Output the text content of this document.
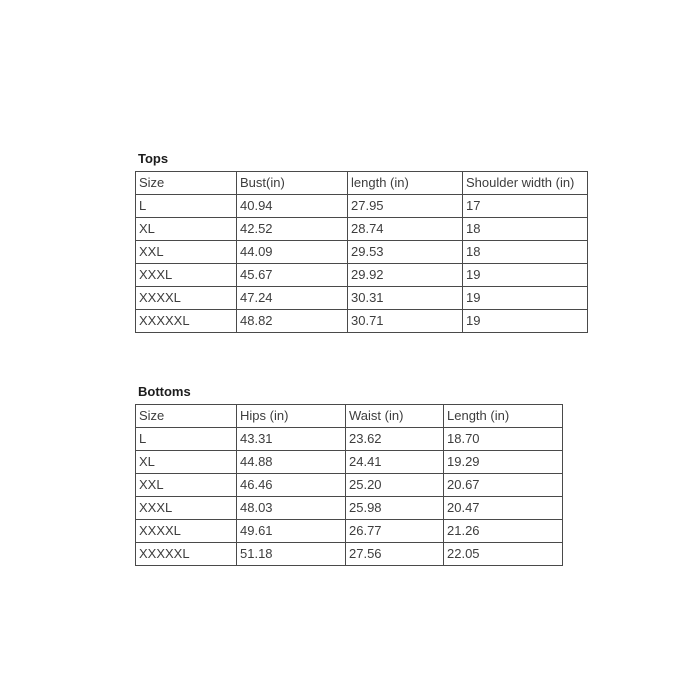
Tops
Size	Bust(in)	length (in)	Shoulder width (in)
L	40.94	27.95	17
XL	42.52	28.74	18
XXL	44.09	29.53	18
XXXL	45.67	29.92	19
XXXXL	47.24	30.31	19
XXXXXL	48.82	30.71	19
Bottoms
Size	Hips (in)	Waist (in)	Length (in)
L	43.31	23.62	18.70
XL	44.88	24.41	19.29
XXL	46.46	25.20	20.67
XXXL	48.03	25.98	20.47
XXXXL	49.61	26.77	21.26
XXXXXL	51.18	27.56	22.05
